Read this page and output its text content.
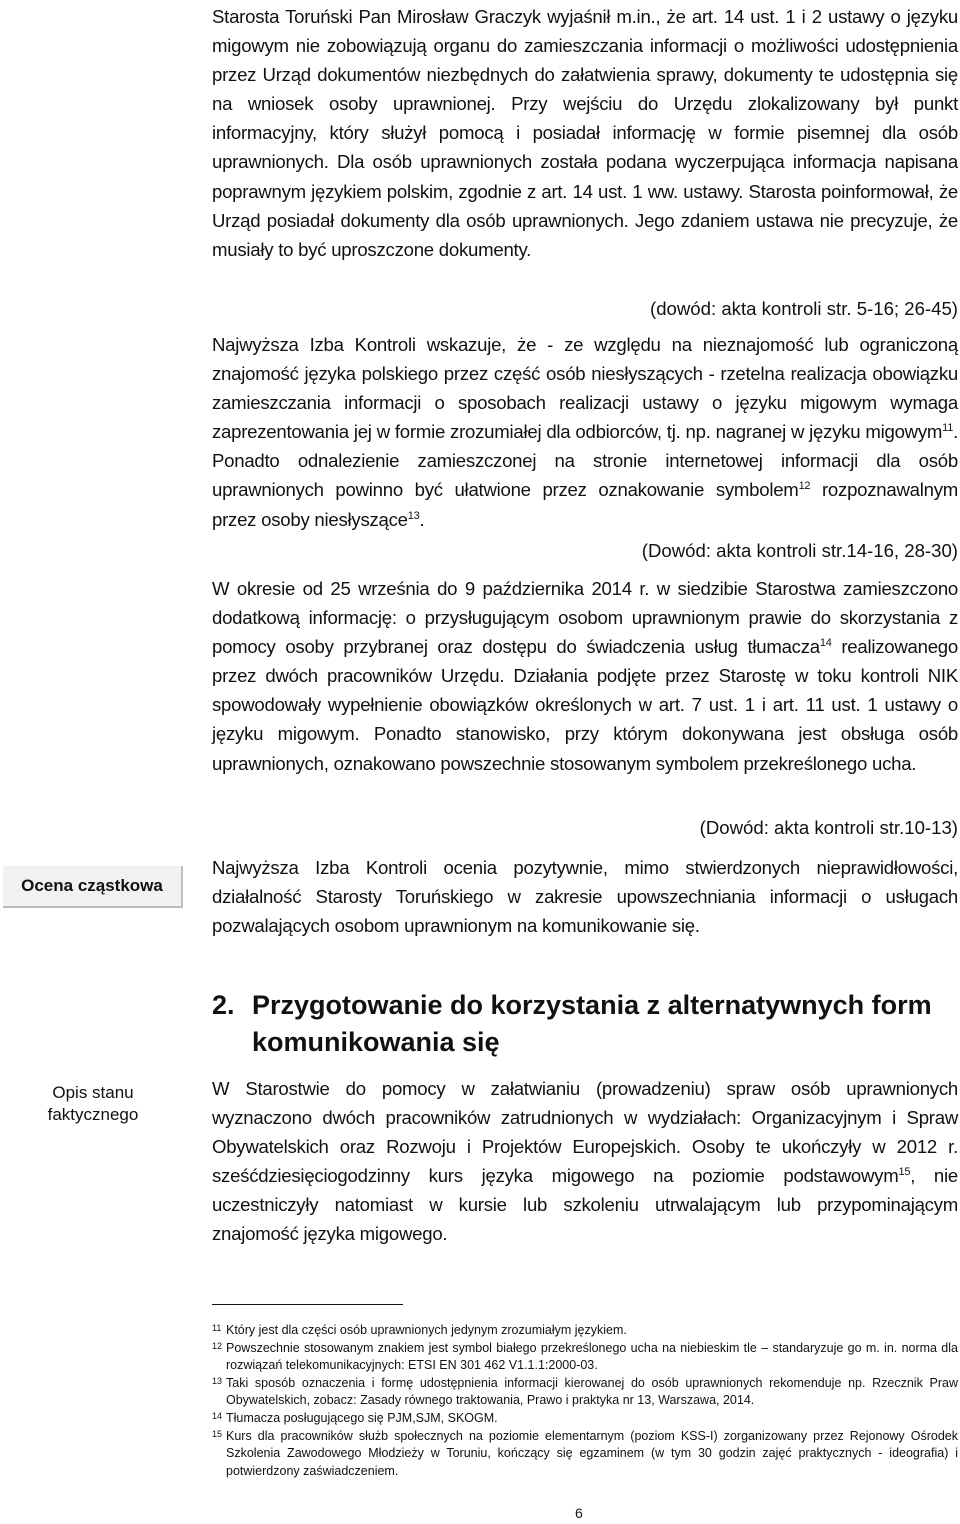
Starosta Toruński Pan Mirosław Graczyk wyjaśnił m.in., że art. 14 ust. 1 i 2 ustawy o języku migowym nie zobowiązują organu do zamieszczania informacji o możliwości udostępnienia przez Urząd dokumentów niezbędnych do załatwienia sprawy, dokumenty te udostępnia się na wniosek osoby uprawnionej. Przy wejściu do Urzędu zlokalizowany był punkt informacyjny, który służył pomocą i posiadał informację w formie pisemnej dla osób uprawnionych. Dla osób uprawnionych została podana wyczerpująca informacja napisana poprawnym językiem polskim, zgodnie z art. 14 ust. 1 ww. ustawy. Starosta poinformował, że Urząd posiadał dokumenty dla osób uprawnionych. Jego zdaniem ustawa nie precyzuje, że musiały to być uproszczone dokumenty.

(dowód: akta kontroli str. 5-16; 26-45)

Najwyższa Izba Kontroli wskazuje, że - ze względu na nieznajomość lub ograniczoną znajomość języka polskiego przez część osób niesłyszących - rzetelna realizacja obowiązku zamieszczania informacji o sposobach realizacji ustawy o języku migowym wymaga zaprezentowania jej w formie zrozumiałej dla odbiorców, tj. np. nagranej w języku migowym$^{11}$. Ponadto odnalezienie zamieszczonej na stronie internetowej informacji dla osób uprawnionych powinno być ułatwione przez oznakowanie symbolem$^{12}$ rozpoznawalnym przez osoby niesłyszące$^{13}$.

(Dowód: akta kontroli str.14-16, 28-30)

W okresie od 25 września do 9 października 2014 r. w siedzibie Starostwa zamieszczono dodatkową informację: o przysługującym osobom uprawnionym prawie do skorzystania z pomocy osoby przybranej oraz dostępu do świadczenia usług tłumacza$^{14}$ realizowanego przez dwóch pracowników Urzędu. Działania podjęte przez Starostę w toku kontroli NIK spowodowały wypełnienie obowiązków określonych w art. 7 ust. 1 i art. 11 ust. 1 ustawy o języku migowym. Ponadto stanowisko, przy którym dokonywana jest obsługa osób uprawnionych, oznakowano powszechnie stosowanym symbolem przekreślonego ucha.

(Dowód: akta kontroli str.10-13)

Ocena cząstkowa

Najwyższa Izba Kontroli ocenia pozytywnie, mimo stwierdzonych nieprawidłowości, działalność Starosty Toruńskiego w zakresie upowszechniania informacji o usługach pozwalających osobom uprawnionym na komunikowanie się.

2. Przygotowanie do korzystania z alternatywnych form
komunikowania się
Opis stanu
faktycznego

W Starostwie do pomocy w załatwianiu (prowadzeniu) spraw osób uprawnionych wyznaczono dwóch pracowników zatrudnionych w wydziałach: Organizacyjnym i Spraw Obywatelskich oraz Rozwoju i Projektów Europejskich. Osoby te ukończyły w 2012 r. sześćdziesięciogodzinny kurs języka migowego na poziomie podstawowym$^{15}$, nie uczestniczyły natomiast w kursie lub szkoleniu utrwalającym lub przypominającym znajomość języka migowego.

11 Który jest dla części osób uprawnionych jedynym zrozumiałym językiem.

12 Powszechnie stosowanym znakiem jest symbol białego przekreślonego ucha na niebieskim tle – standaryzuje go m. in. norma dla rozwiązań telekomunikacyjnych: ETSI EN 301 462 V1.1.1:2000-03.

13 Taki sposób oznaczenia i formę udostępnienia informacji kierowanej do osób uprawnionych rekomenduje np. Rzecznik Praw Obywatelskich, zobacz: Zasady równego traktowania, Prawo i praktyka nr 13, Warszawa, 2014.

14 Tłumacza posługującego się PJM,SJM, SKOGM.

15 Kurs dla pracowników służb społecznych na poziomie elementarnym (poziom KSS-I) zorganizowany przez Rejonowy Ośrodek Szkolenia Zawodowego Młodzieży w Toruniu, kończący się egzaminem (w tym 30 godzin zajęć praktycznych - ideografia) i potwierdzony zaświadczeniem.

6
